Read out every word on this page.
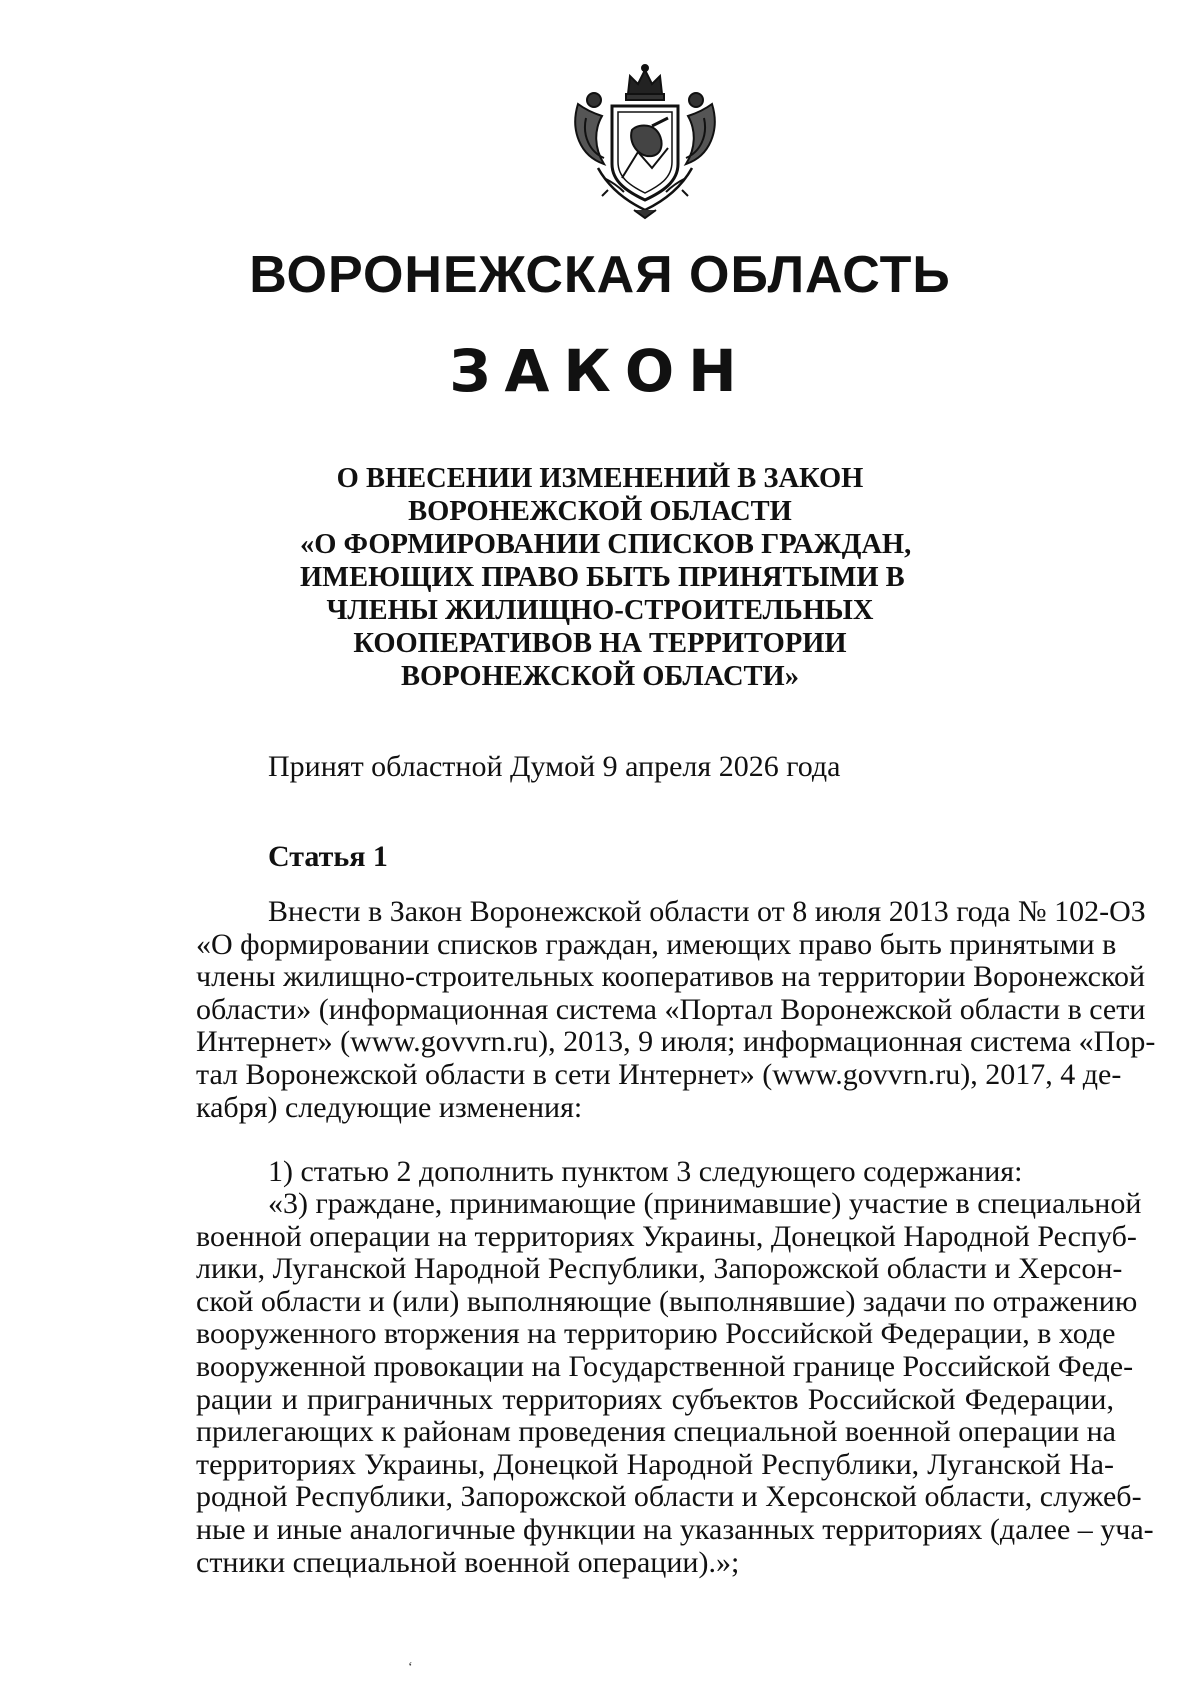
ВОРОНЕЖСКАЯ ОБЛАСТЬ
ЗАКОН
О ВНЕСЕНИИ ИЗМЕНЕНИЙ В ЗАКОН
ВОРОНЕЖСКОЙ ОБЛАСТИ
«О ФОРМИРОВАНИИ СПИСКОВ ГРАЖДАН,
ИМЕЮЩИХ ПРАВО БЫТЬ ПРИНЯТЫМИ В
ЧЛЕНЫ ЖИЛИЩНО-СТРОИТЕЛЬНЫХ
КООПЕРАТИВОВ НА ТЕРРИТОРИИ
ВОРОНЕЖСКОЙ ОБЛАСТИ»
Принят областной Думой 9 апреля 2026 года
Статья 1
Внести в Закон Воронежской области от 8 июля 2013 года № 102-ОЗ
«О формировании списков граждан, имеющих право быть принятыми в
члены жилищно-строительных кооперативов на территории Воронежской
области» (информационная система «Портал Воронежской области в сети
Интернет» (www.govvrn.ru), 2013, 9 июля; информационная система «Пор-
тал Воронежской области в сети Интернет» (www.govvrn.ru), 2017, 4 де-
кабря) следующие изменения:
1) статью 2 дополнить пунктом 3 следующего содержания:
«3) граждане, принимающие (принимавшие) участие в специальной
военной операции на территориях Украины, Донецкой Народной Респуб-
лики, Луганской Народной Республики, Запорожской области и Херсон-
ской области и (или) выполняющие (выполнявшие) задачи по отражению
вооруженного вторжения на территорию Российской Федерации, в ходе
вооруженной провокации на Государственной границе Российской Феде-
рации и приграничных территориях субъектов Российской Федерации,
прилегающих к районам проведения специальной военной операции на
территориях Украины, Донецкой Народной Республики, Луганской На-
родной Республики, Запорожской области и Херсонской области, служеб-
ные и иные аналогичные функции на указанных территориях (далее – уча-
стники специальной военной операции).»;
‘
